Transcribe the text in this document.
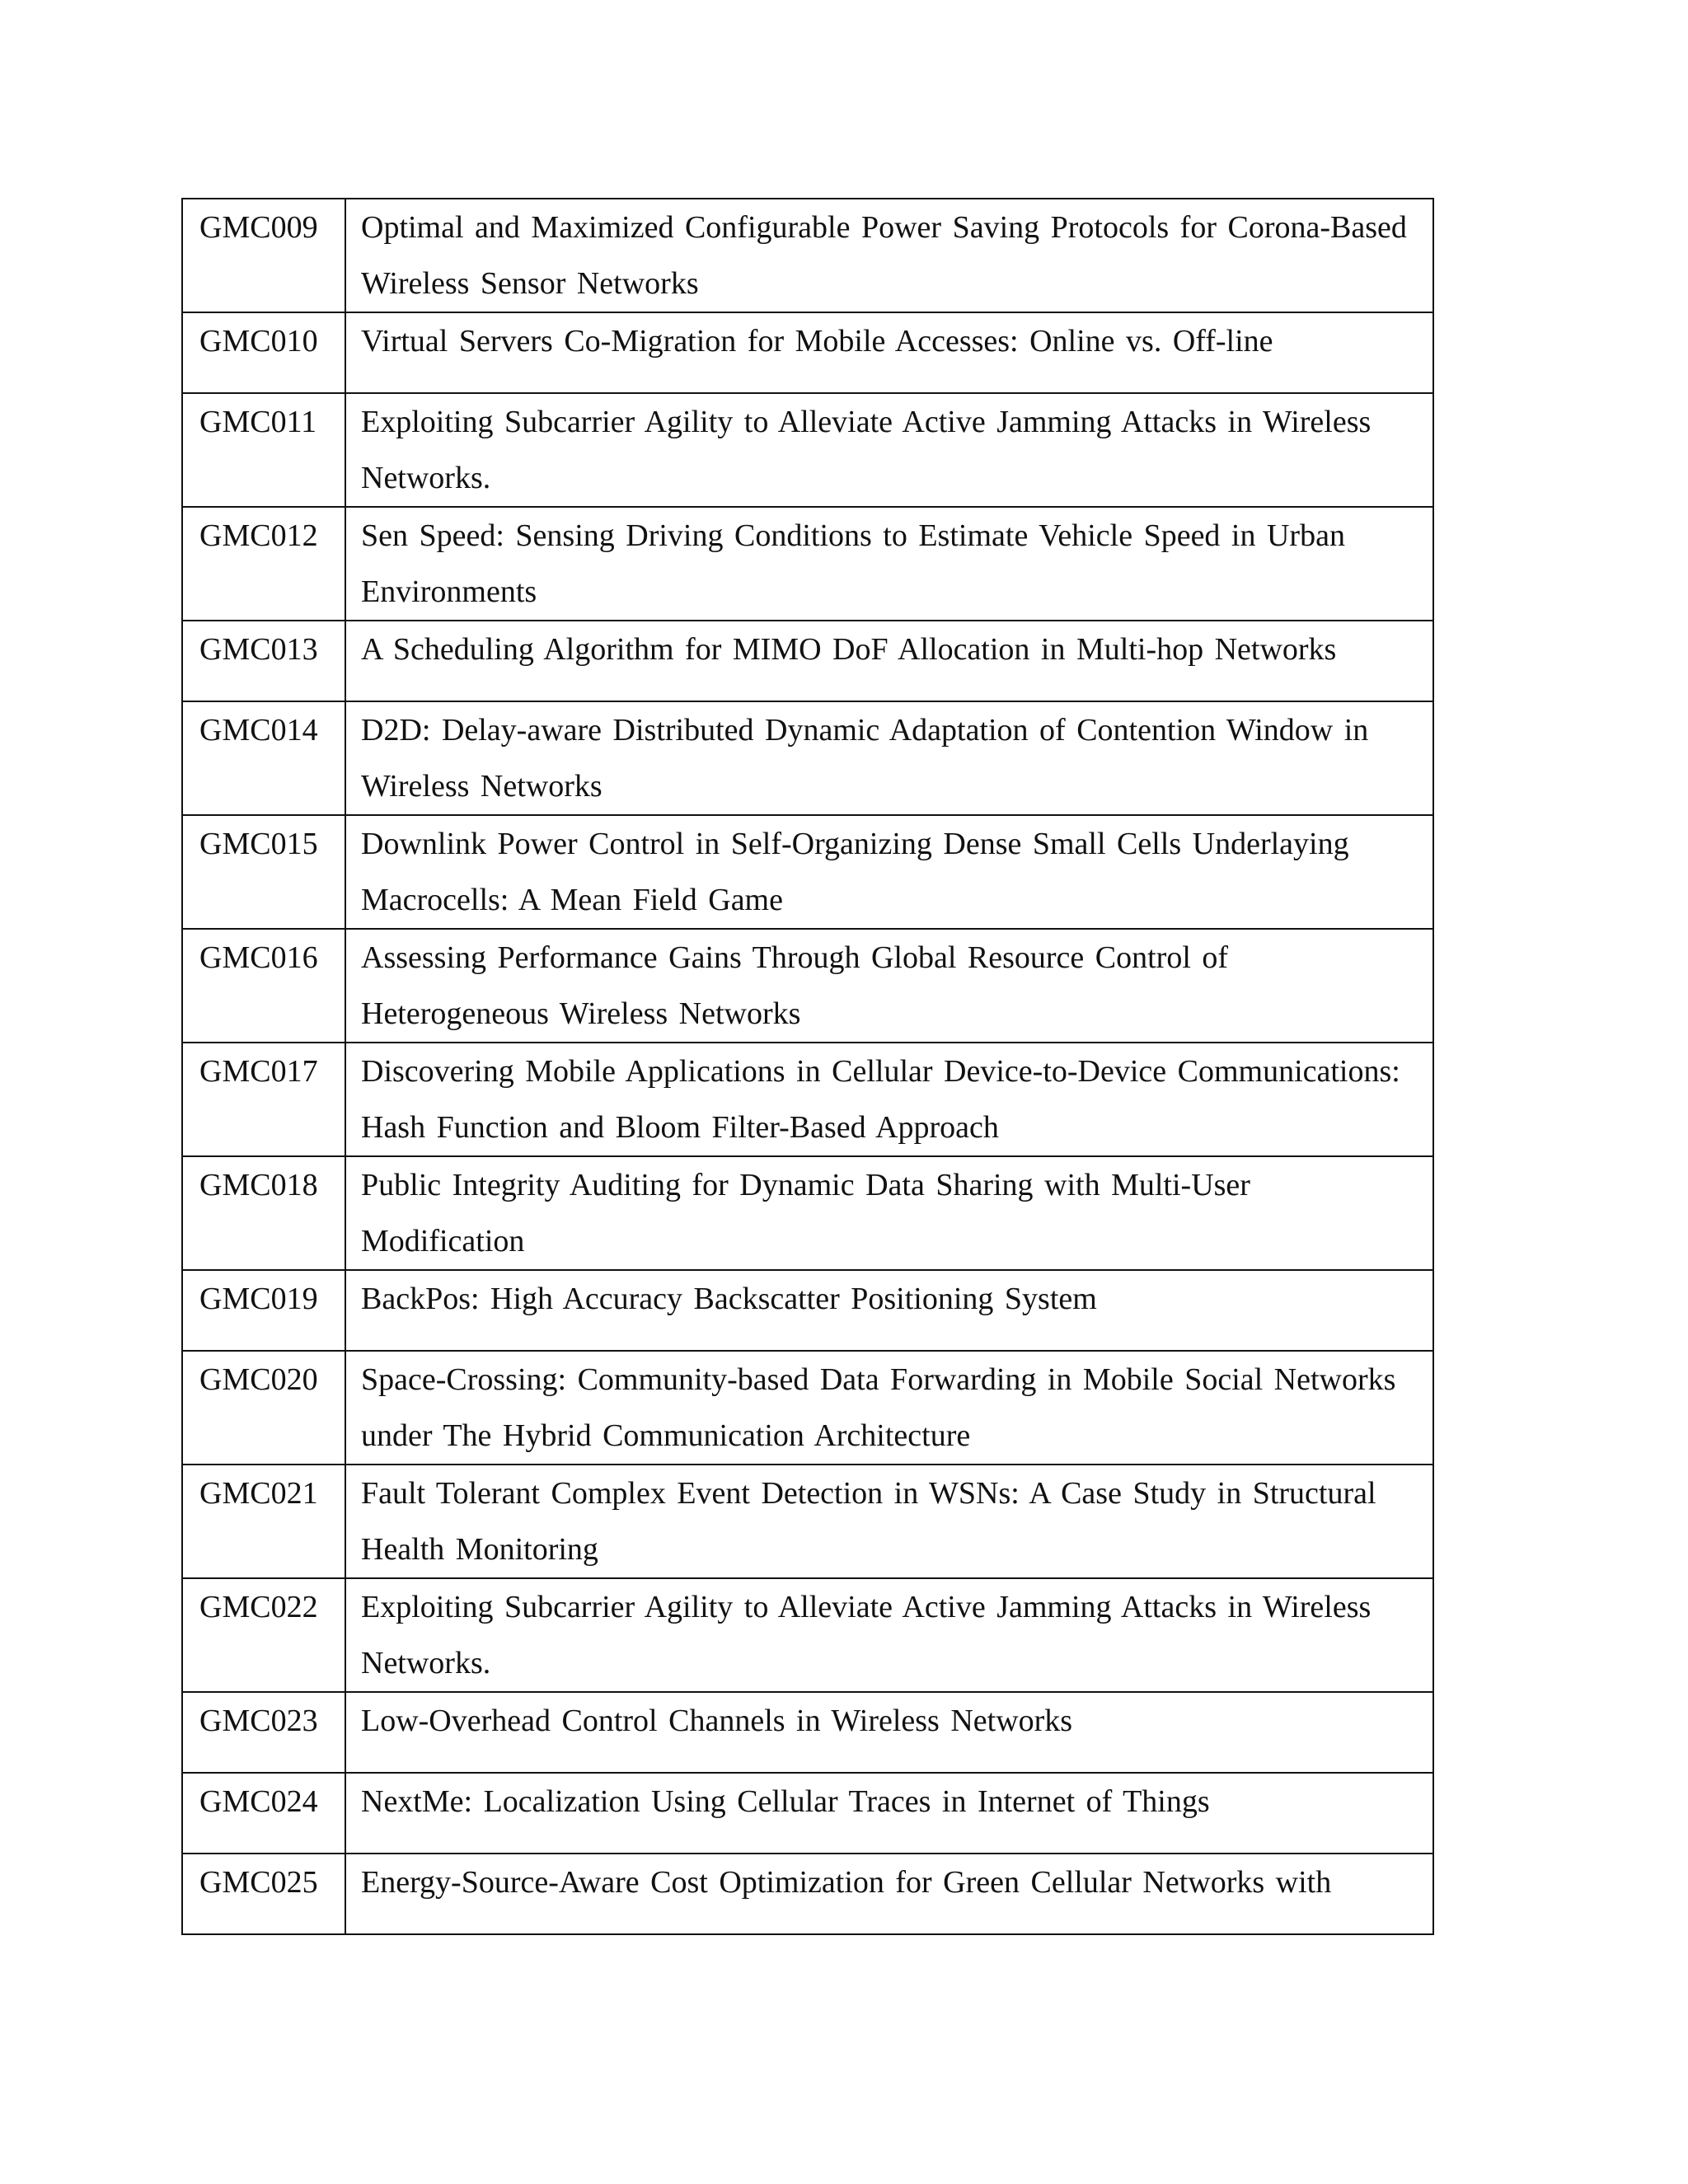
GMC009	Optimal and Maximized Configurable Power Saving Protocols for Corona-Based Wireless Sensor Networks
GMC010	Virtual Servers Co-Migration for Mobile Accesses: Online vs. Off-line
GMC011	Exploiting Subcarrier Agility to Alleviate Active Jamming Attacks in Wireless Networks.
GMC012	Sen Speed: Sensing Driving Conditions to Estimate Vehicle Speed in Urban Environments
GMC013	A Scheduling Algorithm for MIMO DoF Allocation in Multi-hop Networks
GMC014	D2D: Delay-aware Distributed Dynamic Adaptation of Contention Window in Wireless Networks
GMC015	Downlink Power Control in Self-Organizing Dense Small Cells Underlaying Macrocells: A Mean Field Game
GMC016	Assessing Performance Gains Through Global Resource Control of Heterogeneous Wireless Networks
GMC017	Discovering Mobile Applications in Cellular Device-to-Device Communications: Hash Function and Bloom Filter-Based Approach
GMC018	Public Integrity Auditing for Dynamic Data Sharing with Multi-User Modification
GMC019	BackPos: High Accuracy Backscatter Positioning System
GMC020	Space-Crossing: Community-based Data Forwarding in Mobile Social Networks under The Hybrid Communication Architecture
GMC021	Fault Tolerant Complex Event Detection in WSNs: A Case Study in Structural Health Monitoring
GMC022	Exploiting Subcarrier Agility to Alleviate Active Jamming Attacks in Wireless Networks.
GMC023	Low-Overhead Control Channels in Wireless Networks
GMC024	NextMe: Localization Using Cellular Traces in Internet of Things
GMC025	Energy-Source-Aware Cost Optimization for Green Cellular Networks with
